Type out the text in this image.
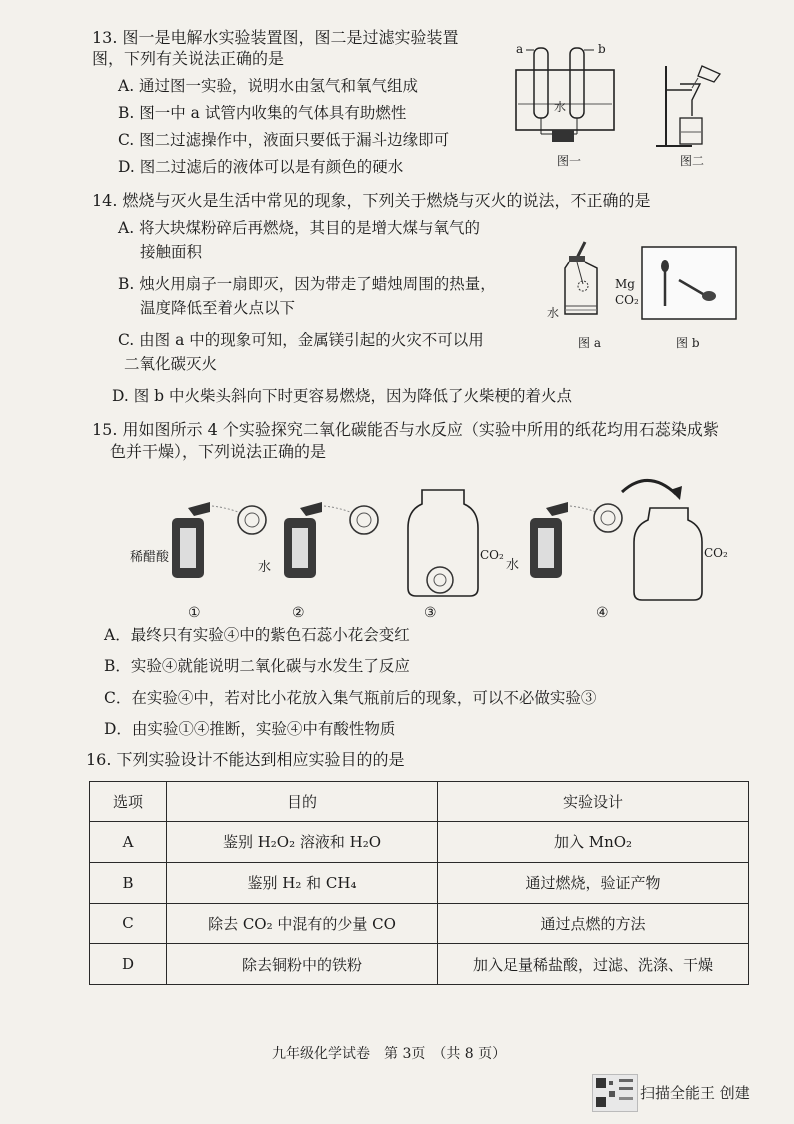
13. 图一是电解水实验装置图，图二是过滤实验装置
图，下列有关说法正确的是
A. 通过图一实验，说明水由氢气和氧气组成
B. 图一中 a 试管内收集的气体具有助燃性
C. 图二过滤操作中，液面只要低于漏斗边缘即可
D. 图二过滤后的液体可以是有颜色的硬水
a	b
水
图一	图二
14. 燃烧与灭火是生活中常见的现象，下列关于燃烧与灭火的说法，不正确的是
A. 将大块煤粉碎后再燃烧，其目的是增大煤与氧气的
接触面积
B. 烛火用扇子一扇即灭，因为带走了蜡烛周围的热量，
温度降低至着火点以下
C. 由图 a 中的现象可知，金属镁引起的火灾不可以用
二氧化碳灭火
D. 图 b 中火柴头斜向下时更容易燃烧，因为降低了火柴梗的着火点
Mg
CO₂
水
图 a	图 b
15. 用如图所示 4 个实验探究二氧化碳能否与水反应（实验中所用的纸花均用石蕊染成紫
色并干燥），下列说法正确的是
稀醋酸
水
CO₂
水
CO₂
①	②	③	④
A．最终只有实验④中的紫色石蕊小花会变红
B．实验④就能说明二氧化碳与水发生了反应
C．在实验④中，若对比小花放入集气瓶前后的现象，可以不必做实验③
D．由实验①④推断，实验④中有酸性物质
16. 下列实验设计不能达到相应实验目的的是
选项	目的	实验设计
A	鉴别 H₂O₂ 溶液和 H₂O	加入 MnO₂
B	鉴别 H₂ 和 CH₄	通过燃烧，验证产物
C	除去 CO₂ 中混有的少量 CO	通过点燃的方法
D	除去铜粉中的铁粉	加入足量稀盐酸，过滤、洗涤、干燥
九年级化学试卷　第 3页　（共 8 页）
扫描全能王 创建
